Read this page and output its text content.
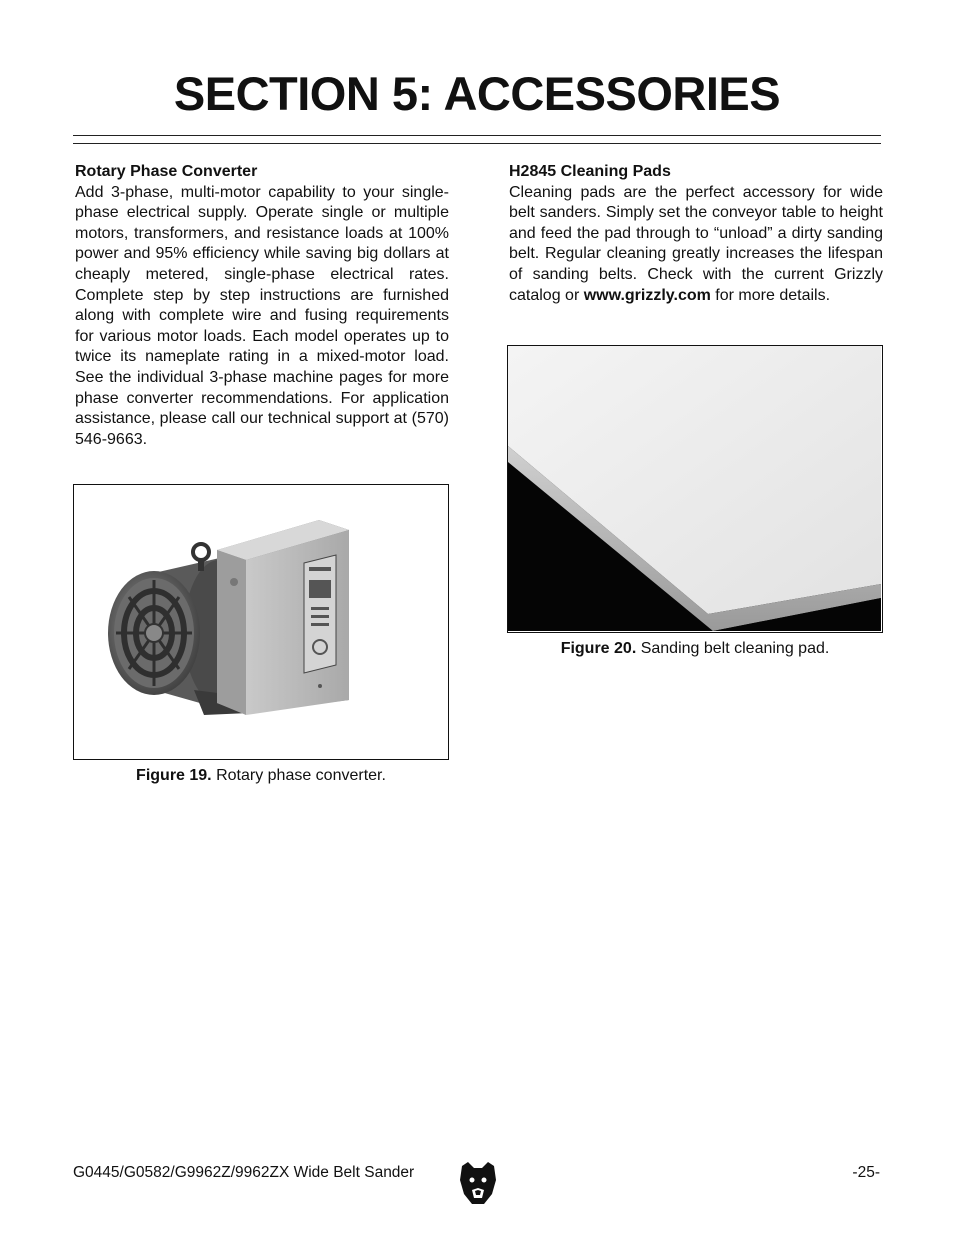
SECTION 5: ACCESSORIES
Rotary Phase Converter

Add 3-phase, multi-motor capability to your single-phase electrical supply. Operate single or multiple motors, transformers, and resistance loads at 100% power and 95% efficiency while saving big dollars at cheaply metered, single-phase electrical rates. Complete step by step instructions are furnished along with complete wire and fusing requirements for various motor loads. Each model operates up to twice its nameplate rating in a mixed-motor load. See the individual 3-phase machine pages for more phase converter recommendations. For application assistance, please call our technical support at (570) 546-9663.

Figure 19. Rotary phase converter.
H2845 Cleaning Pads

Cleaning pads are the perfect accessory for wide belt sanders. Simply set the conveyor table to height and feed the pad through to “unload” a dirty sanding belt. Regular cleaning greatly increases the lifespan of sanding belts. Check with the current Grizzly catalog or www.grizzly.com for more details.

Figure 20. Sanding belt cleaning pad.
G0445/G0582/G9962Z/9962ZX Wide Belt Sander	-25-
